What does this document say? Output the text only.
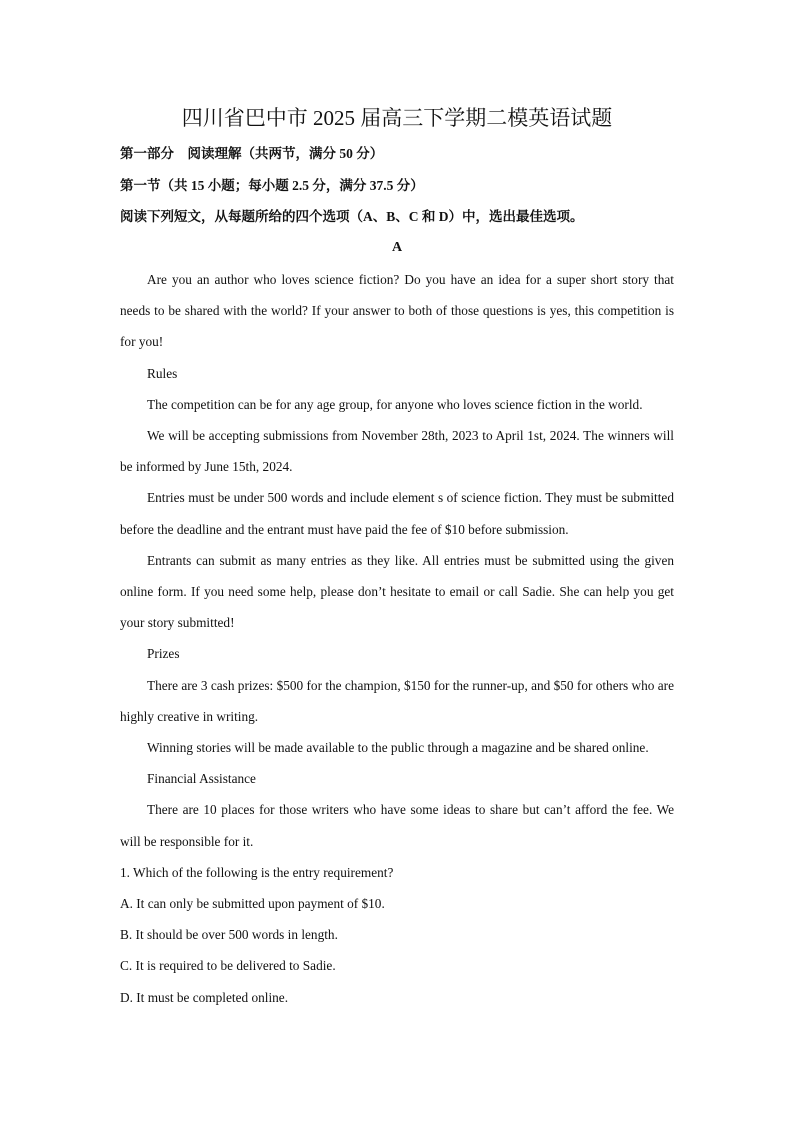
四川省巴中市 2025 届高三下学期二模英语试题
第一部分　阅读理解（共两节，满分 50 分）
第一节（共 15 小题；每小题 2.5 分，满分 37.5 分）
阅读下列短文，从每题所给的四个选项（A、B、C 和 D）中，选出最佳选项。
A

Are you an author who loves science fiction? Do you have an idea for a super short story that needs to be shared with the world? If your answer to both of those questions is yes, this competition is for you!

Rules

The competition can be for any age group, for anyone who loves science fiction in the world.

We will be accepting submissions from November 28th, 2023 to April 1st, 2024. The winners will be informed by June 15th, 2024.

Entries must be under 500 words and include element s of science fiction. They must be submitted before the deadline and the entrant must have paid the fee of $10 before submission.

Entrants can submit as many entries as they like. All entries must be submitted using the given online form. If you need some help, please don’t hesitate to email or call Sadie. She can help you get your story submitted!

Prizes

There are 3 cash prizes: $500 for the champion, $150 for the runner-up, and $50 for others who are highly creative in writing.

Winning stories will be made available to the public through a magazine and be shared online.

Financial Assistance

There are 10 places for those writers who have some ideas to share but can’t afford the fee. We will be responsible for it.

1. Which of the following is the entry requirement?

A. It can only be submitted upon payment of $10.

B. It should be over 500 words in length.

C. It is required to be delivered to Sadie.

D. It must be completed online.
